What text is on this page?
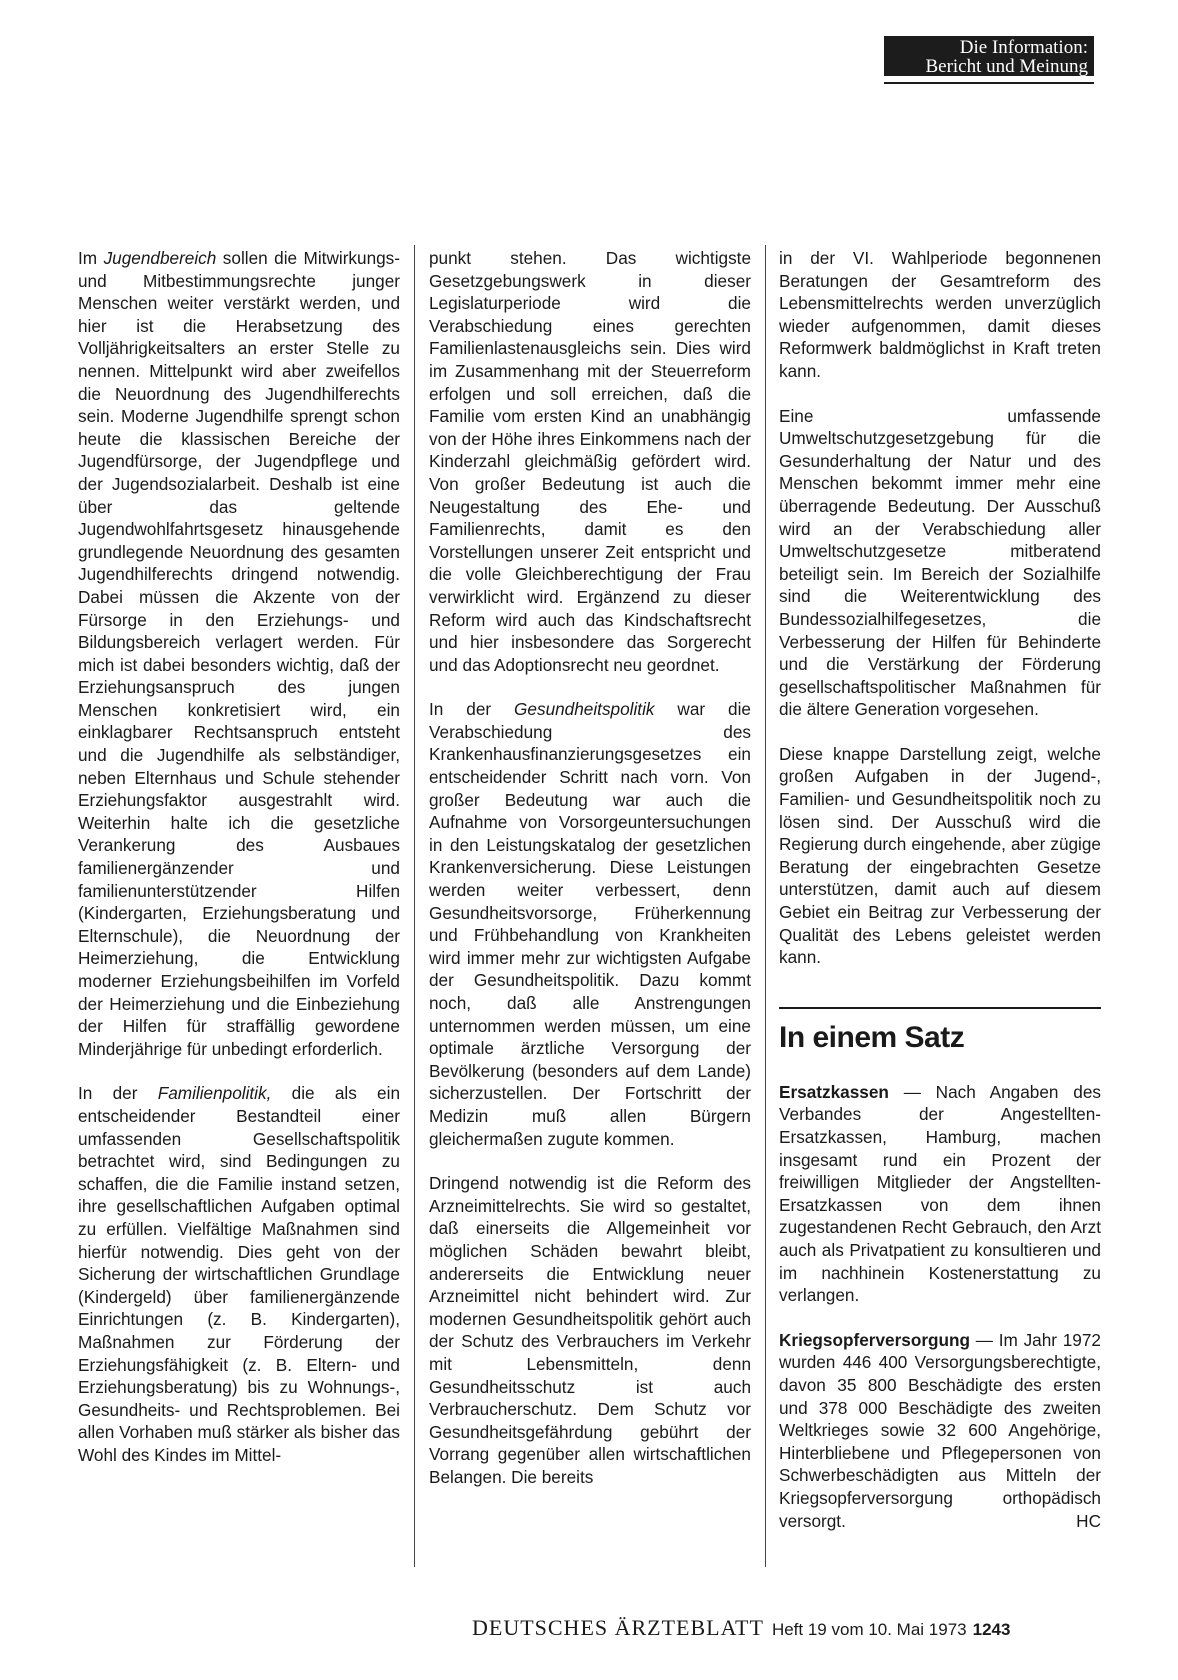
Die Information:
Bericht und Meinung

Im Jugendbereich sollen die Mitwirkungs- und Mitbestimmungsrechte junger Menschen weiter verstärkt werden, und hier ist die Herabsetzung des Volljährigkeitsalters an erster Stelle zu nennen. Mittelpunkt wird aber zweifellos die Neuordnung des Jugendhilferechts sein. Moderne Jugendhilfe sprengt schon heute die klassischen Bereiche der Jugendfürsorge, der Jugendpflege und der Jugendsozialarbeit. Deshalb ist eine über das geltende Jugendwohlfahrtsgesetz hinausgehende grundlegende Neuordnung des gesamten Jugendhilferechts dringend notwendig. Dabei müssen die Akzente von der Fürsorge in den Erziehungs- und Bildungsbereich verlagert werden. Für mich ist dabei besonders wichtig, daß der Erziehungsanspruch des jungen Menschen konkretisiert wird, ein einklagbarer Rechtsanspruch entsteht und die Jugendhilfe als selbständiger, neben Elternhaus und Schule stehender Erziehungsfaktor ausgestrahlt wird. Weiterhin halte ich die gesetzliche Verankerung des Ausbaues familienergänzender und familienunterstützender Hilfen (Kindergarten, Erziehungsberatung und Elternschule), die Neuordnung der Heimerziehung, die Entwicklung moderner Erziehungsbeihilfen im Vorfeld der Heimerziehung und die Einbeziehung der Hilfen für straffällig gewordene Minderjährige für unbedingt erforderlich.

In der Familienpolitik, die als ein entscheidender Bestandteil einer umfassenden Gesellschaftspolitik betrachtet wird, sind Bedingungen zu schaffen, die die Familie instand setzen, ihre gesellschaftlichen Aufgaben optimal zu erfüllen. Vielfältige Maßnahmen sind hierfür notwendig. Dies geht von der Sicherung der wirtschaftlichen Grundlage (Kindergeld) über familienergänzende Einrichtungen (z. B. Kindergarten), Maßnahmen zur Förderung der Erziehungsfähigkeit (z. B. Eltern- und Erziehungsberatung) bis zu Wohnungs-, Gesundheits- und Rechtsproblemen. Bei allen Vorhaben muß stärker als bisher das Wohl des Kindes im Mittel-

punkt stehen. Das wichtigste Gesetzgebungswerk in dieser Legislaturperiode wird die Verabschiedung eines gerechten Familienlastenausgleichs sein. Dies wird im Zusammenhang mit der Steuerreform erfolgen und soll erreichen, daß die Familie vom ersten Kind an unabhängig von der Höhe ihres Einkommens nach der Kinderzahl gleichmäßig gefördert wird. Von großer Bedeutung ist auch die Neugestaltung des Ehe- und Familienrechts, damit es den Vorstellungen unserer Zeit entspricht und die volle Gleichberechtigung der Frau verwirklicht wird. Ergänzend zu dieser Reform wird auch das Kindschaftsrecht und hier insbesondere das Sorgerecht und das Adoptionsrecht neu geordnet.

In der Gesundheitspolitik war die Verabschiedung des Krankenhausfinanzierungsgesetzes ein entscheidender Schritt nach vorn. Von großer Bedeutung war auch die Aufnahme von Vorsorgeuntersuchungen in den Leistungskatalog der gesetzlichen Krankenversicherung. Diese Leistungen werden weiter verbessert, denn Gesundheitsvorsorge, Früherkennung und Frühbehandlung von Krankheiten wird immer mehr zur wichtigsten Aufgabe der Gesundheitspolitik. Dazu kommt noch, daß alle Anstrengungen unternommen werden müssen, um eine optimale ärztliche Versorgung der Bevölkerung (besonders auf dem Lande) sicherzustellen. Der Fortschritt der Medizin muß allen Bürgern gleichermaßen zugute kommen.

Dringend notwendig ist die Reform des Arzneimittelrechts. Sie wird so gestaltet, daß einerseits die Allgemeinheit vor möglichen Schäden bewahrt bleibt, andererseits die Entwicklung neuer Arzneimittel nicht behindert wird. Zur modernen Gesundheitspolitik gehört auch der Schutz des Verbrauchers im Verkehr mit Lebensmitteln, denn Gesundheitsschutz ist auch Verbraucherschutz. Dem Schutz vor Gesundheitsgefährdung gebührt der Vorrang gegenüber allen wirtschaftlichen Belangen. Die bereits

in der VI. Wahlperiode begonnenen Beratungen der Gesamtreform des Lebensmittelrechts werden unverzüglich wieder aufgenommen, damit dieses Reformwerk baldmöglichst in Kraft treten kann.

Eine umfassende Umweltschutzgesetzgebung für die Gesunderhaltung der Natur und des Menschen bekommt immer mehr eine überragende Bedeutung. Der Ausschuß wird an der Verabschiedung aller Umweltschutzgesetze mitberatend beteiligt sein. Im Bereich der Sozialhilfe sind die Weiterentwicklung des Bundessozialhilfegesetzes, die Verbesserung der Hilfen für Behinderte und die Verstärkung der Förderung gesellschaftspolitischer Maßnahmen für die ältere Generation vorgesehen.

Diese knappe Darstellung zeigt, welche großen Aufgaben in der Jugend-, Familien- und Gesundheitspolitik noch zu lösen sind. Der Ausschuß wird die Regierung durch eingehende, aber zügige Beratung der eingebrachten Gesetze unterstützen, damit auch auf diesem Gebiet ein Beitrag zur Verbesserung der Qualität des Lebens geleistet werden kann.

In einem Satz

Ersatzkassen — Nach Angaben des Verbandes der Angestellten-Ersatzkassen, Hamburg, machen insgesamt rund ein Prozent der freiwilligen Mitglieder der Angstellten-Ersatzkassen von dem ihnen zugestandenen Recht Gebrauch, den Arzt auch als Privatpatient zu konsultieren und im nachhinein Kostenerstattung zu verlangen.

Kriegsopferversorgung — Im Jahr 1972 wurden 446 400 Versorgungsberechtigte, davon 35 800 Beschädigte des ersten und 378 000 Beschädigte des zweiten Weltkrieges sowie 32 600 Angehörige, Hinterbliebene und Pflegepersonen von Schwerbeschädigten aus Mitteln der Kriegsopferversorgung orthopädisch versorgt.	HC

DEUTSCHES ÄRZTEBLATT Heft 19 vom 10. Mai 1973 1243
